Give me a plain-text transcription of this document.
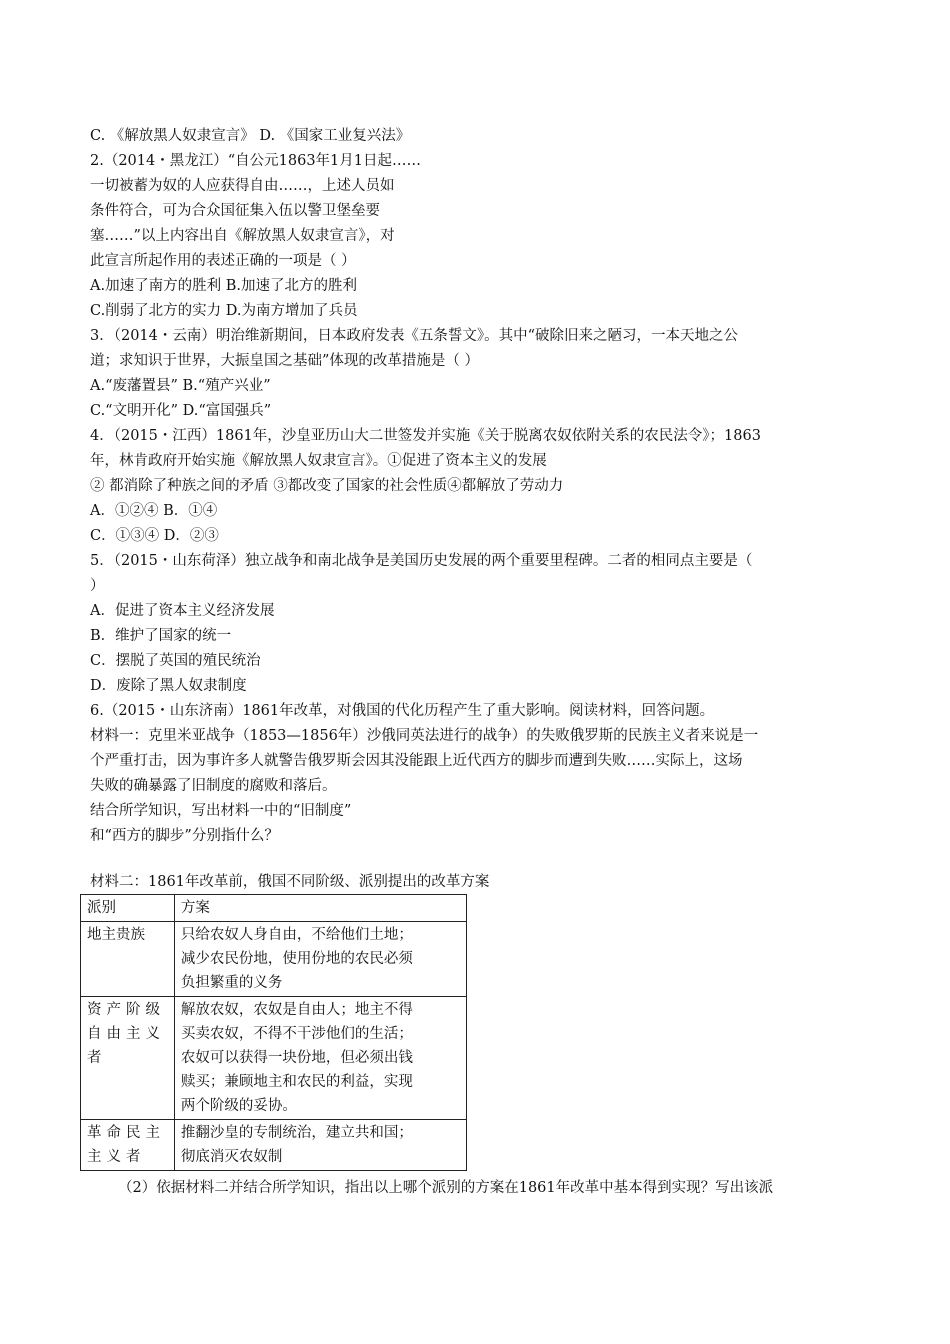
C. 《解放黑人奴隶宣言》 D. 《国家工业复兴法》
2.（2014・黑龙江）“自公元1863年1月1日起……
一切被蓄为奴的人应获得自由……，上述人员如
条件符合，可为合众国征集入伍以警卫堡垒要
塞……”以上内容出自《解放黑人奴隶宣言》，对
此宣言所起作用的表述正确的一项是（ ）
A.加速了南方的胜利 B.加速了北方的胜利
C.削弱了北方的实力 D.为南方增加了兵员
3．（2014・云南）明治维新期间，日本政府发表《五条誓文》。其中“破除旧来之陋习，一本天地之公
道；求知识于世界，大振皇国之基础”体现的改革措施是（ ）
A.“废藩置县” B.“殖产兴业”
C.“文明开化” D.“富国强兵”
4．（2015・江西）1861年，沙皇亚历山大二世签发并实施《关于脱离农奴依附关系的农民法令》；1863
年，林肯政府开始实施《解放黑人奴隶宣言》。①促进了资本主义的发展
② 都消除了种族之间的矛盾 ③都改变了国家的社会性质④都解放了劳动力
A．①②④ B．①④
C．①③④ D．②③
5．（2015・山东荷泽）独立战争和南北战争是美国历史发展的两个重要里程碑。二者的相同点主要是（
）
A．促进了资本主义经济发展
B．维护了国家的统一
C．摆脱了英国的殖民统治
D．废除了黑人奴隶制度
6.（2015・山东济南）1861年改革，对俄国的代化历程产生了重大影响。阅读材料，回答问题。
材料一：克里米亚战争（1853—1856年）沙俄同英法进行的战争）的失败俄罗斯的民族主义者来说是一
个严重打击，因为事许多人就警告俄罗斯会因其没能跟上近代西方的脚步而遭到失败……实际上，这场
失败的确暴露了旧制度的腐败和落后。
结合所学知识，写出材料一中的“旧制度”
和“西方的脚步”分别指什么？
材料二：1861年改革前，俄国不同阶级、派别提出的改革方案
派别	方案

地主贵族	只给农奴人身自由，不给他们土地；
减少农民份地，使用份地的农民必须
负担繁重的义务

资产阶级
自由主义
者	解放农奴，农奴是自由人；地主不得
买卖农奴，不得不干涉他们的生活；
农奴可以获得一块份地，但必须出钱
赎买；兼顾地主和农民的利益，实现
两个阶级的妥协。

革命民主
主义者	推翻沙皇的专制统治，建立共和国；
彻底消灭农奴制
（2）依据材料二并结合所学知识，指出以上哪个派别的方案在1861年改革中基本得到实现？写出该派
